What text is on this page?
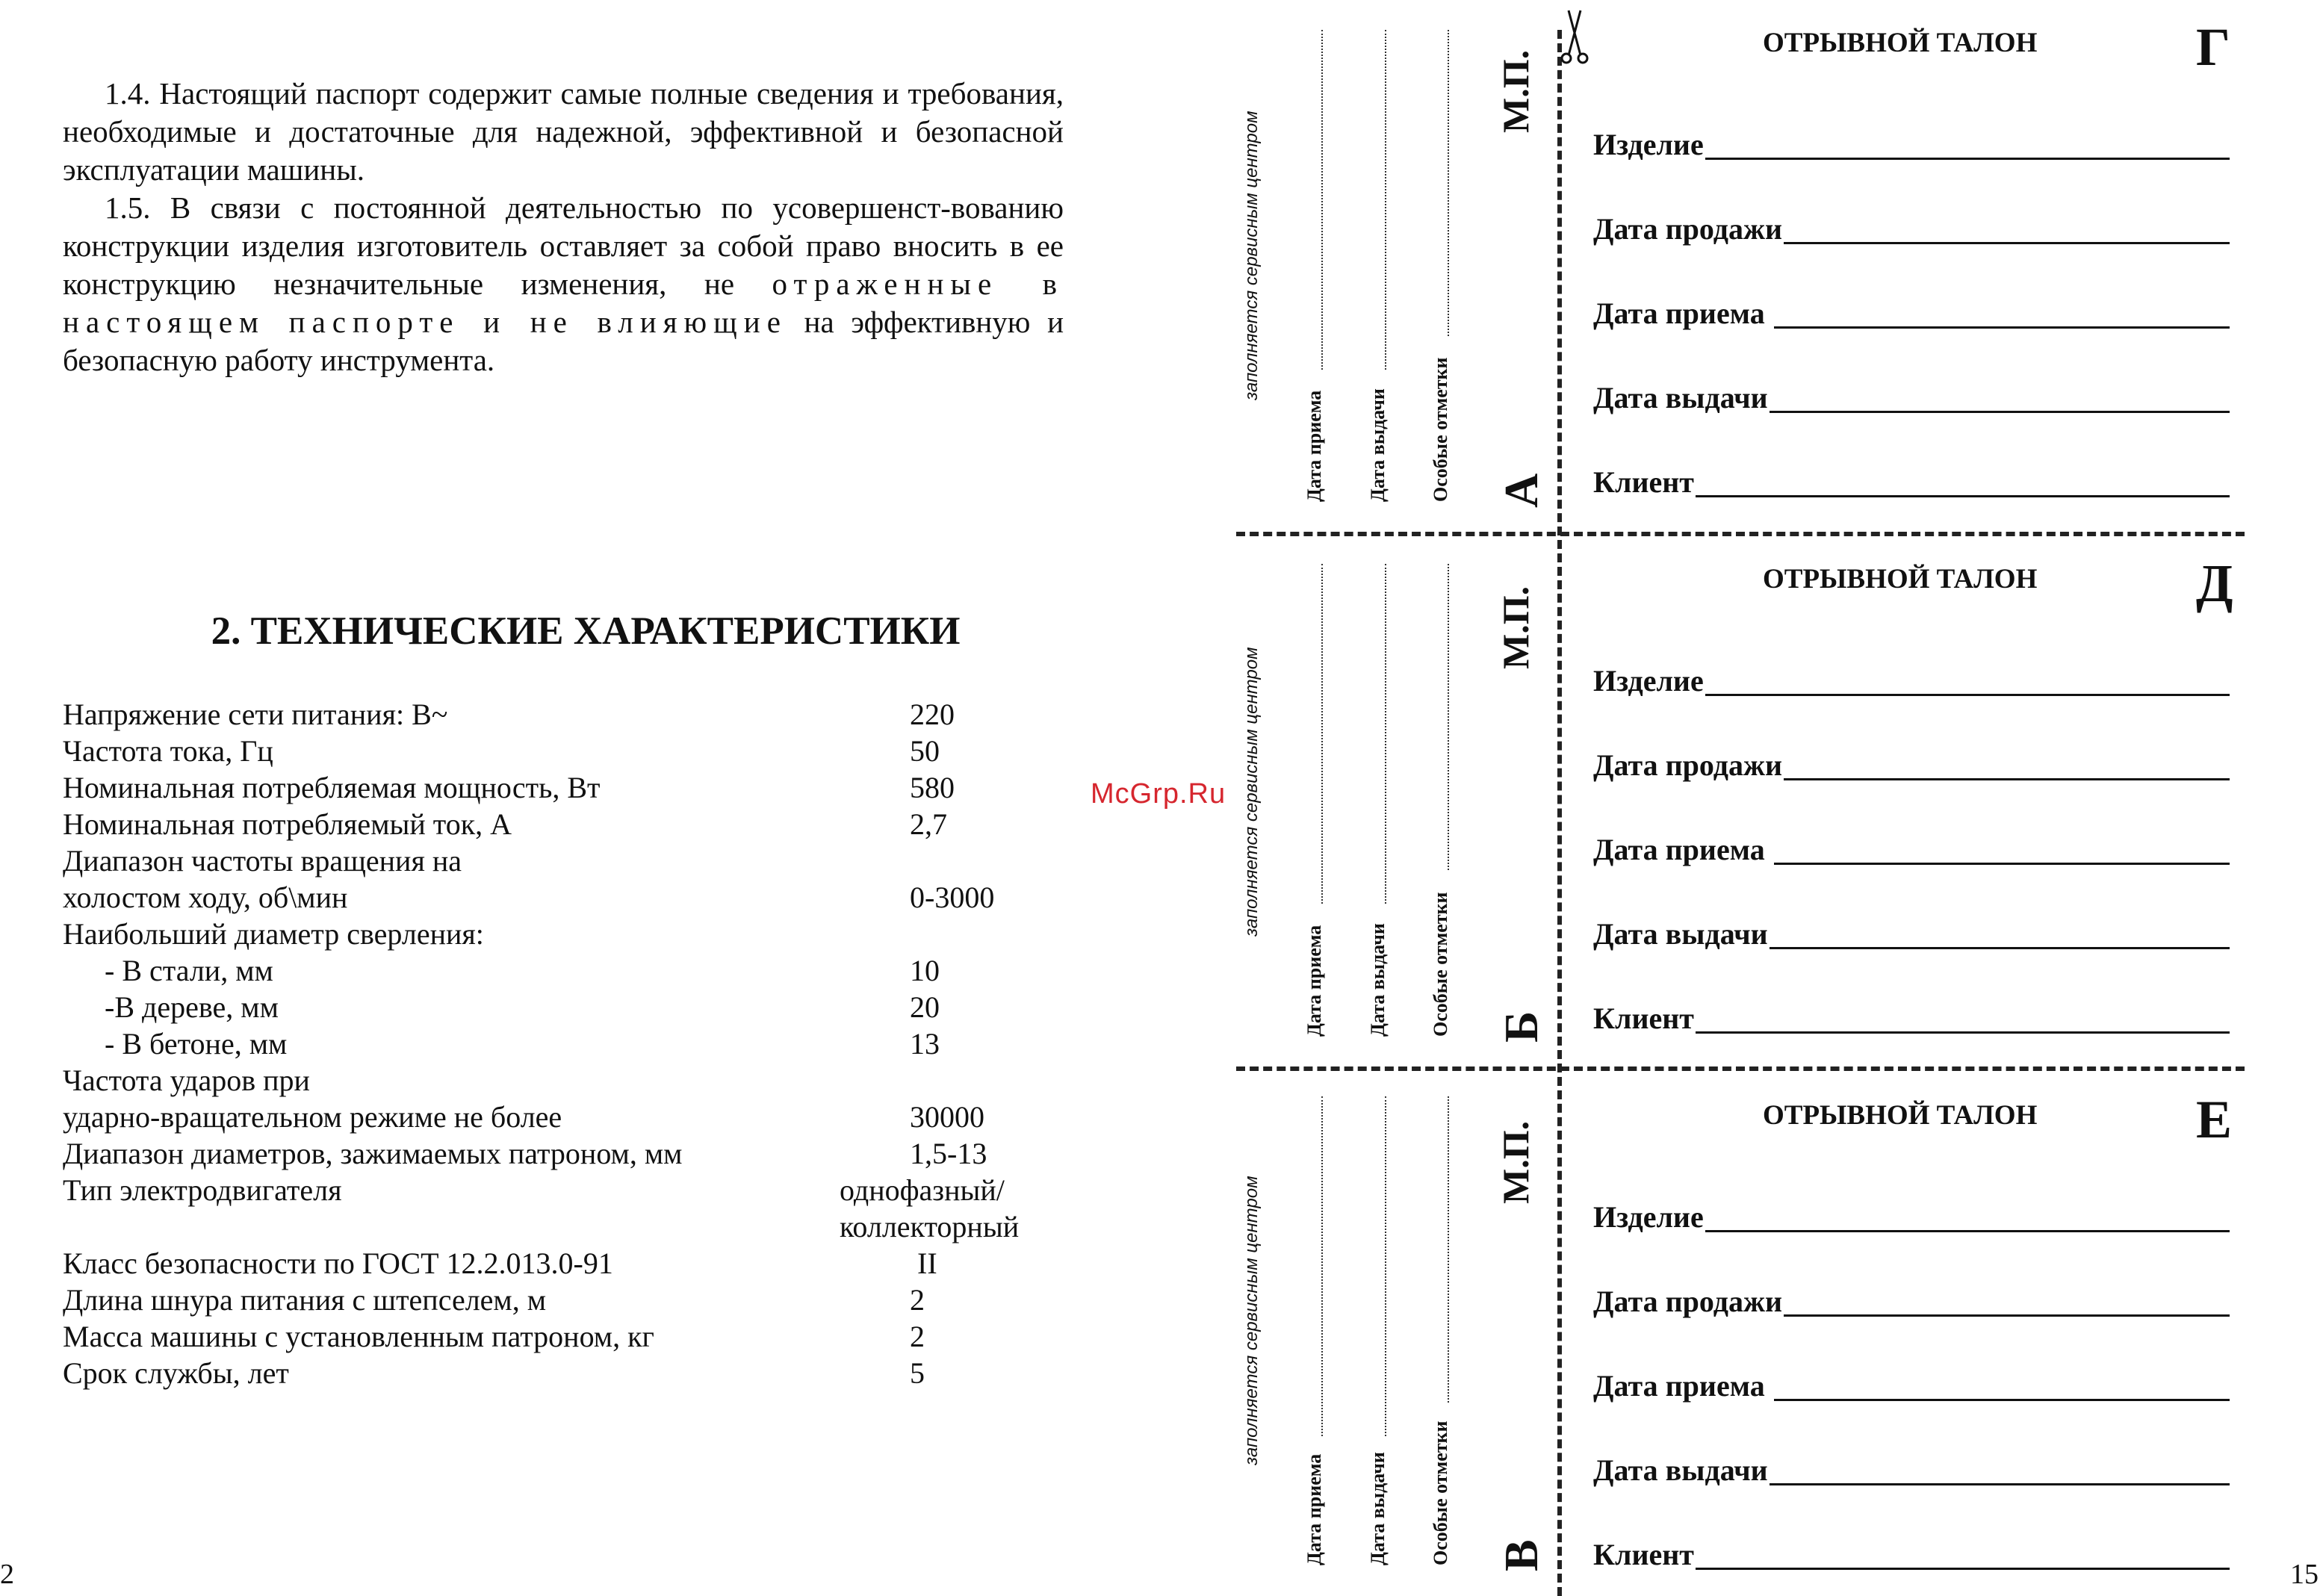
1.4. Настоящий паспорт содержит самые полные сведения и требования, необходимые и достаточные для надежной, эффективной и безопасной эксплуатации машины.

1.5. В связи с постоянной деятельностью по усовершенст-вованию конструкции изделия изготовитель оставляет за собой право вносить в ее конструкцию незначительные изменения, не отраженные в настоящем паспорте и не влияющие на эффективную и безопасную работу инструмента.

2. ТЕХНИЧЕСКИЕ ХАРАКТЕРИСТИКИ
Напряжение сети питания: В~	220
Частота тока, Гц	50
Номинальная потребляемая мощность, Вт	580
Номинальная потребляемый ток, А	2,7
Диапазон частоты вращения на
холостом ходу, об\мин	0-3000
Наибольший диаметр сверления:
- В стали, мм	10
-В дереве, мм	20
- В бетоне, мм	13
Частота ударов при
ударно-вращательном режиме не более	30000
Диапазон диаметров, зажимаемых патроном, мм	1,5-13
Тип электродвигателя	однофазный/
коллекторный
Класс безопасности по ГОСТ 12.2.013.0-91	II
Длина шнура питания с штепселем, м	2
Масса машины с установленным патроном, кг	2
Срок службы, лет	5
2
McGrp.Ru
заполняется сервисным центром
Дата приема Дата выдачи Особые отметки
М.П.
А
заполняется сервисным центром
Дата приема Дата выдачи Особые отметки
М.П.
Б
заполняется сервисным центром
Дата приема Дата выдачи Особые отметки
М.П.
В
ОТРЫВНОЙ ТАЛОН	Г
Изделие
Дата продажи
Дата приема
Дата выдачи
Клиент
ОТРЫВНОЙ ТАЛОН	Д
Изделие
Дата продажи
Дата приема
Дата выдачи
Клиент
ОТРЫВНОЙ ТАЛОН	Е
Изделие
Дата продажи
Дата приема
Дата выдачи
Клиент
15
